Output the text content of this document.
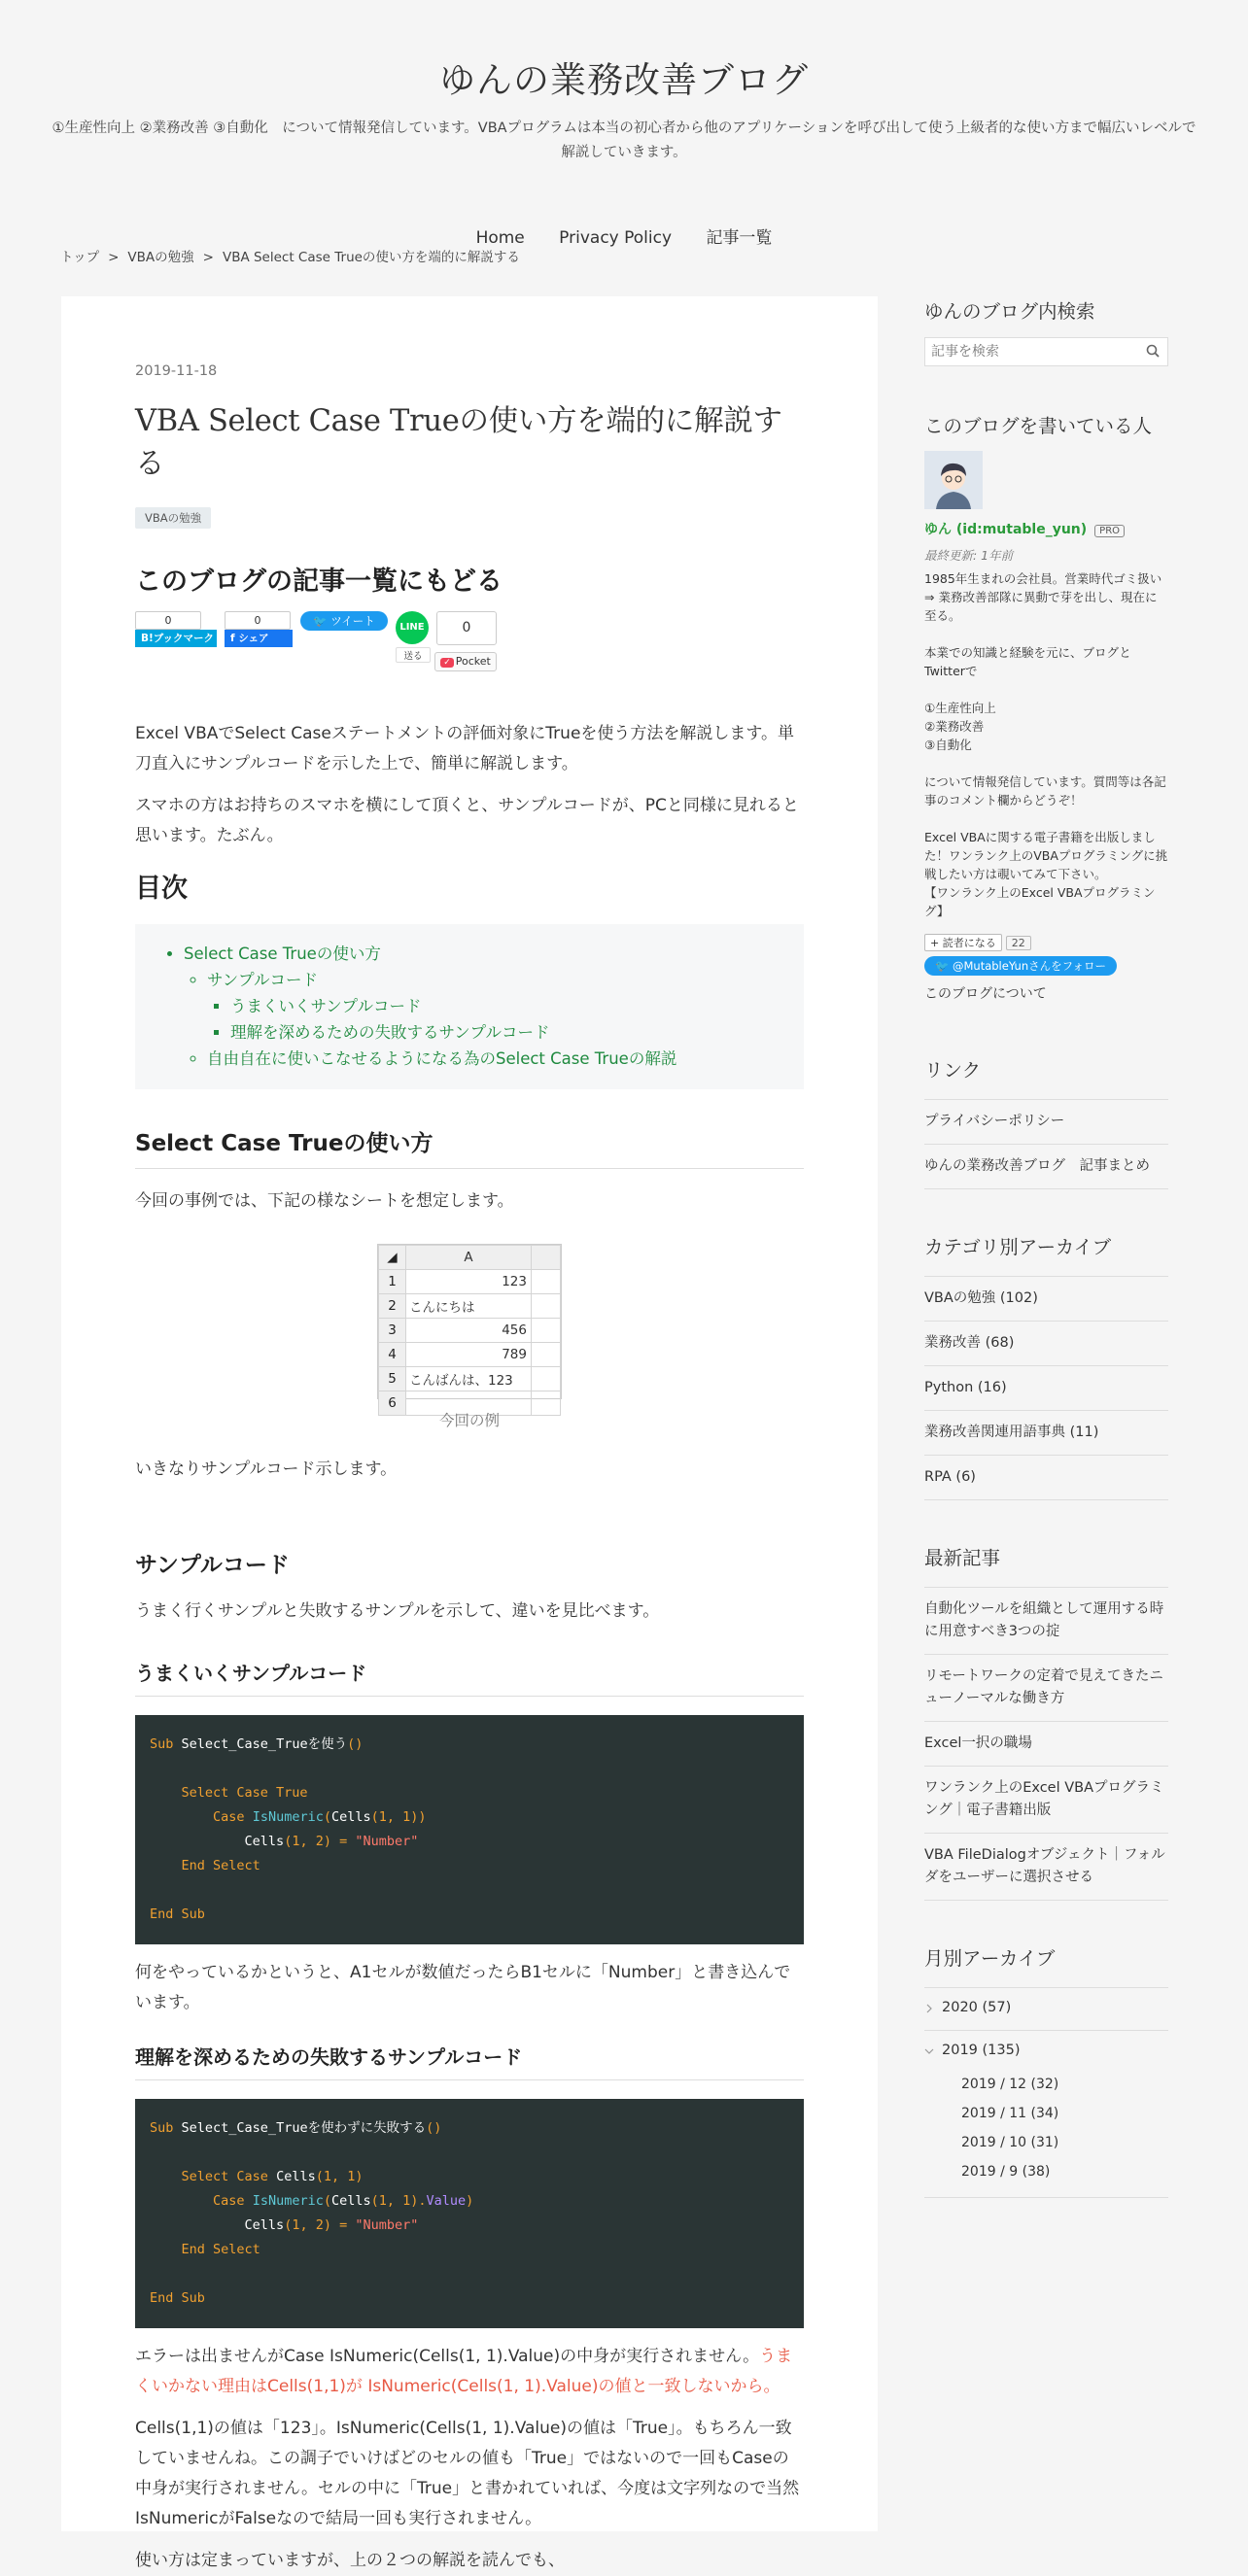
ゆんの業務改善ブログ

①生産性向上 ②業務改善 ③自動化　について情報発信しています。VBAプログラムは本当の初心者から他のアプリケーションを呼び出して使う上級者的な使い方まで幅広いレベルで解説していきます。

Home Privacy Policy 記事一覧
トップ > VBAの勉強 > VBA Select Case Trueの使い方を端的に解説する
2019-11-18
VBA Select Case Trueの使い方を端的に解説する
VBAの勉強
このブログの記事一覧にもどる
0
B!ブックマーク
0
f シェア
🐦 ツイート	LINE
送る
0
✓ Pocket

Excel VBAでSelect Caseステートメントの評価対象にTrueを使う方法を解説します。単刀直入にサンプルコードを示した上で、簡単に解説します。

スマホの方はお持ちのスマホを横にして頂くと、サンプルコードが、PCと同様に見れると思います。たぶん。

目次
• Select Case Trueの使い方
◦ サンプルコード
▪ うまくいくサンプルコード
▪ 理解を深めるための失敗するサンプルコード
◦ 自由自在に使いこなせるようになる為のSelect Case Trueの解説
Select Case Trueの使い方

今回の事例では、下記の様なシートを想定します。

◢	A	
1	123	
2	こんにちは	
3	456	
4	789	
5	こんばんは、123	
6		
今回の例

いきなりサンプルコード示します。

サンプルコード

うまく行くサンプルと失敗するサンプルを示して、違いを見比べます。

うまくいくサンプルコード
Sub Select_Case_Trueを使う()

Select Case True
Case IsNumeric(Cells(1, 1))
Cells(1, 2) = "Number"
End Select

End Sub

何をやっているかというと、A1セルが数値だったらB1セルに「Number」と書き込んでいます。

理解を深めるための失敗するサンプルコード
Sub Select_Case_Trueを使わずに失敗する()

Select Case Cells(1, 1)
Case IsNumeric(Cells(1, 1).Value)
Cells(1, 2) = "Number"
End Select

End Sub

エラーは出ませんがCase IsNumeric(Cells(1, 1).Value)の中身が実行されません。うまくいかない理由はCells(1,1)が IsNumeric(Cells(1, 1).Value)の値と一致しないから。

Cells(1,1)の値は「123」。IsNumeric(Cells(1, 1).Value)の値は「True」。もちろん一致していませんね。この調子でいけばどのセルの値も「True」ではないので一回もCaseの中身が実行されません。セルの中に「True」と書かれていれば、今度は文字列なので当然IsNumericがFalseなので結局一回も実行されません。

使い方は定まっていますが、上の２つの解説を読んでも、

ゆんのブログ内検索
記事を検索
このブログを書いている人
ゆん (id:mutable_yun) PRO
最終更新: 1年前

1985年生まれの会社員。営業時代ゴミ扱い ⇒ 業務改善部隊に異動で芽を出し、現在に至る。

本業での知識と経験を元に、ブログとTwitterで

①生産性向上

②業務改善

③自動化

について情報発信しています。質問等は各記事のコメント欄からどうぞ！

Excel VBAに関する電子書籍を出版しました！ワンランク上のVBAプログラミングに挑戦したい方は覗いてみて下さい。

【ワンランク上のExcel VBAプログラミング】

+ 読者になる 22
🐦 @MutableYunさんをフォロー
このブログについて
リンク
プライバシーポリシー
ゆんの業務改善ブログ　記事まとめ
カテゴリ別アーカイブ
VBAの勉強 (102)
業務改善 (68)
Python (16)
業務改善関連用語事典 (11)
RPA (6)
最新記事
自動化ツールを組織として運用する時に用意すべき3つの掟
リモートワークの定着で見えてきたニューノーマルな働き方
Excel一択の職場
ワンランク上のExcel VBAプログラミング｜電子書籍出版
VBA FileDialogオブジェクト｜フォルダをユーザーに選択させる
月別アーカイブ
2020 (57)
2019 (135)
2019 / 12 (32)
2019 / 11 (34)
2019 / 10 (31)
2019 / 9 (38)
